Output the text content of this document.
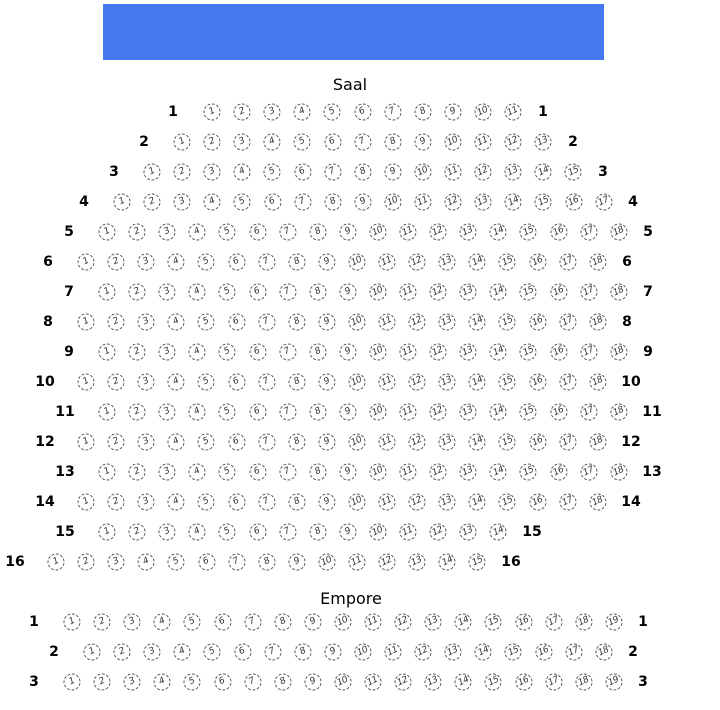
Saal
Empore
1	1 2 3 4 5 6 7 8 9 10 11 1
2	1 2 3 4 5 6 7 8 9 10 11 12 13 2
3	1 2 3 4 5 6 7 8 9 10 11 12 13 14 15 3
4	1 2 3 4 5 6 7 8 9 10 11 12 13 14 15 16 17 4
5	1 2 3 4 5 6 7 8 9 10 11 12 13 14 15 16 17 18 5
6	1 2 3 4 5 6 7 8 9 10 11 12 13 14 15 16 17 18 6
7	1 2 3 4 5 6 7 8 9 10 11 12 13 14 15 16 17 18 7
8	1 2 3 4 5 6 7 8 9 10 11 12 13 14 15 16 17 18 8
9	1 2 3 4 5 6 7 8 9 10 11 12 13 14 15 16 17 18 9
10	1 2 3 4 5 6 7 8 9 10 11 12 13 14 15 16 17 18 10
11	1 2 3 4 5 6 7 8 9 10 11 12 13 14 15 16 17 18 11
12	1 2 3 4 5 6 7 8 9 10 11 12 13 14 15 16 17 18 12
13	1 2 3 4 5 6 7 8 9 10 11 12 13 14 15 16 17 18 13
14	1 2 3 4 5 6 7 8 9 10 11 12 13 14 15 16 17 18 14
15	1 2 3 4 5 6 7 8 9 10 11 12 13 14 15
16	1 2 3 4 5 6 7 8 9 10 11 12 13 14 15 16
1	1 2 3 4 5 6 7 8 9 10 11 12 13 14 15 16 17 18 19 1
2	1 2 3 4 5 6 7 8 9 10 11 12 13 14 15 16 17 18 2
3	1 2 3 4 5 6 7 8 9 10 11 12 13 14 15 16 17 18 19 3
